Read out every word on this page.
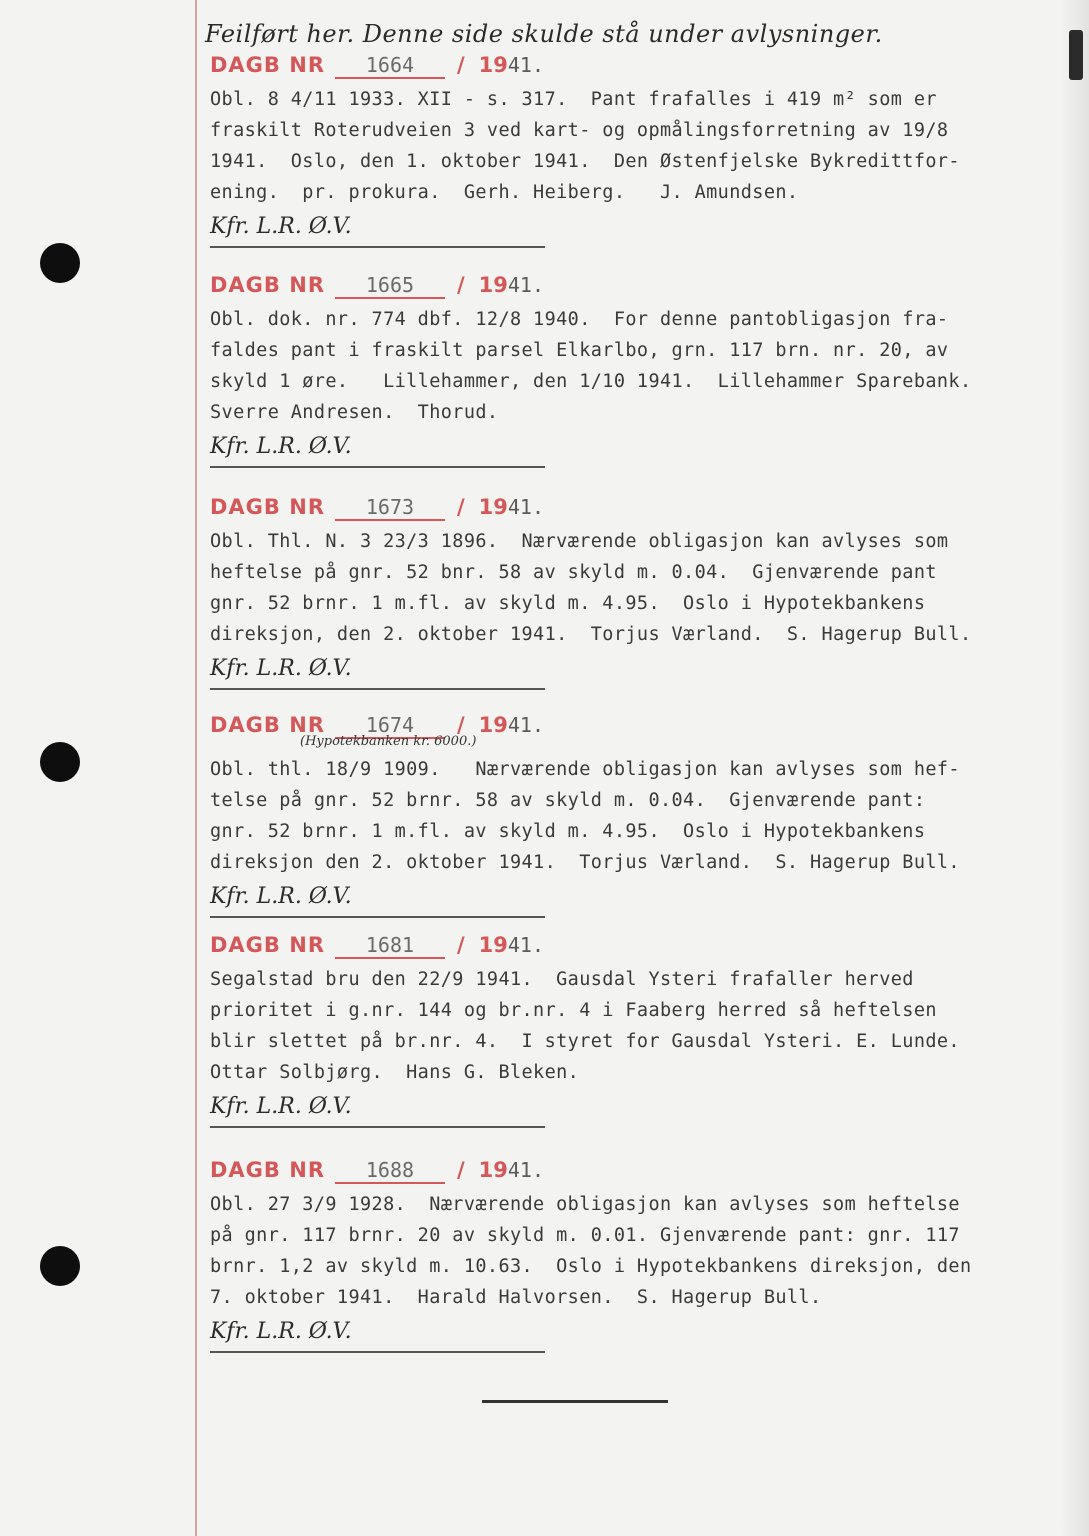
Feilført her. Denne side skulde stå under avlysninger.
DAGB NR 1664 / 1941.
Obl. 8 4/11 1933. XII - s. 317.  Pant frafalles i 419 m² som er
fraskilt Roterudveien 3 ved kart- og opmålingsforretning av 19/8
1941.  Oslo, den 1. oktober 1941.  Den Østenfjelske Bykredittfor-
ening.  pr. prokura.  Gerh. Heiberg.   J. Amundsen.
Kfr. L.R. Ø.V.
DAGB NR 1665 / 1941.
Obl. dok. nr. 774 dbf. 12/8 1940.  For denne pantobligasjon fra-
faldes pant i fraskilt parsel Elkarlbo, grn. 117 brn. nr. 20, av
skyld 1 øre.   Lillehammer, den 1/10 1941.  Lillehammer Sparebank.
Sverre Andresen.  Thorud.
Kfr. L.R. Ø.V.
DAGB NR 1673 / 1941.
Obl. Thl. N. 3 23/3 1896.  Nærværende obligasjon kan avlyses som
heftelse på gnr. 52 bnr. 58 av skyld m. 0.04.  Gjenværende pant
gnr. 52 brnr. 1 m.fl. av skyld m. 4.95.  Oslo i Hypotekbankens
direksjon, den 2. oktober 1941.  Torjus Værland.  S. Hagerup Bull.
Kfr. L.R. Ø.V.
DAGB NR 1674 / 1941.
(Hypotekbanken kr. 6000.)
Obl. thl. 18/9 1909.   Nærværende obligasjon kan avlyses som hef-
telse på gnr. 52 brnr. 58 av skyld m. 0.04.  Gjenværende pant:
gnr. 52 brnr. 1 m.fl. av skyld m. 4.95.  Oslo i Hypotekbankens
direksjon den 2. oktober 1941.  Torjus Værland.  S. Hagerup Bull.
Kfr. L.R. Ø.V.
DAGB NR 1681 / 1941.
Segalstad bru den 22/9 1941.  Gausdal Ysteri frafaller herved
prioritet i g.nr. 144 og br.nr. 4 i Faaberg herred så heftelsen
blir slettet på br.nr. 4.  I styret for Gausdal Ysteri. E. Lunde.
Ottar Solbjørg.  Hans G. Bleken.
Kfr. L.R. Ø.V.
DAGB NR 1688 / 1941.
Obl. 27 3/9 1928.  Nærværende obligasjon kan avlyses som heftelse
på gnr. 117 brnr. 20 av skyld m. 0.01. Gjenværende pant: gnr. 117
brnr. 1,2 av skyld m. 10.63.  Oslo i Hypotekbankens direksjon, den
7. oktober 1941.  Harald Halvorsen.  S. Hagerup Bull.
Kfr. L.R. Ø.V.
